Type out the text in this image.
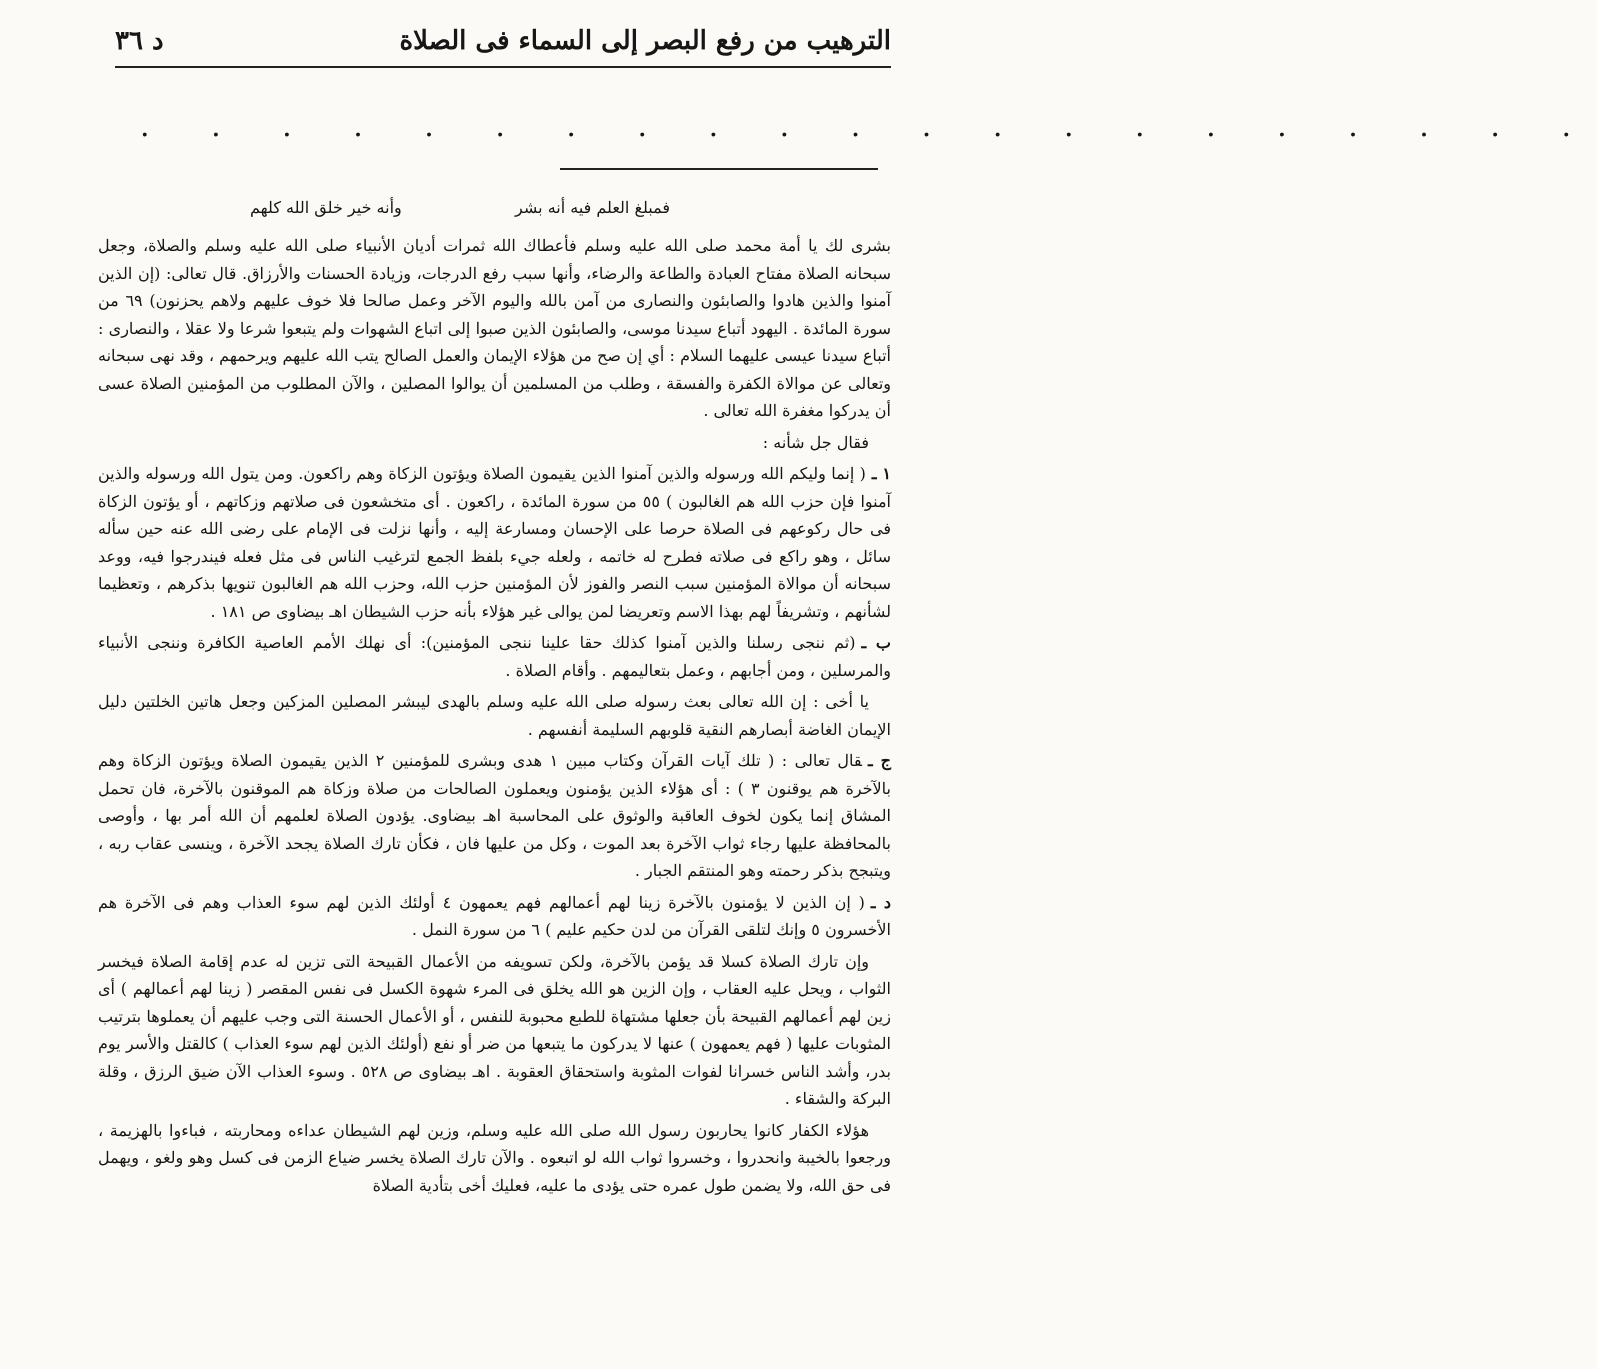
الترهيب من رفع البصر إلى السماء فى الصلاة
د ٣٦
. . . . . . . . . . . . . . . . . . . . .
فمبلغ العلم فيه أنه بشر
وأنه خير خلق الله كلهم

بشرى لك يا أمة محمد صلى الله عليه وسلم فأعطاك الله ثمرات أديان الأنبياء صلى الله عليه وسلم والصلاة، وجعل سبحانه الصلاة مفتاح العبادة والطاعة والرضاء، وأنها سبب رفع الدرجات، وزيادة الحسنات والأرزاق. قال تعالى: (إن الذين آمنوا والذين هادوا والصابئون والنصارى من آمن بالله واليوم الآخر وعمل صالحا فلا خوف عليهم ولاهم يحزنون) ٦٩ من سورة المائدة . اليهود أتباع سيدنا موسى، والصابئون الذين صبوا إلى اتباع الشهوات ولم يتبعوا شرعا ولا عقلا ، والنصارى : أتباع سيدنا عيسى عليهما السلام : أي إن صح من هؤلاء الإيمان والعمل الصالح يتب الله عليهم ويرحمهم ، وقد نهى سبحانه وتعالى عن موالاة الكفرة والفسقة ، وطلب من المسلمين أن يوالوا المصلين ، والآن المطلوب من المؤمنين الصلاة عسى أن يدركوا مغفرة الله تعالى .

فقال جل شأنه :

١ ـ( إنما وليكم الله ورسوله والذين آمنوا الذين يقيمون الصلاة ويؤتون الزكاة وهم راكعون. ومن يتول الله ورسوله والذين آمنوا فإن حزب الله هم الغالبون ) ٥٥ من سورة المائدة ، راكعون . أى متخشعون فى صلاتهم وزكاتهم ، أو يؤتون الزكاة فى حال ركوعهم فى الصلاة حرصا على الإحسان ومسارعة إليه ، وأنها نزلت فى الإمام على رضى الله عنه حين سأله سائل ، وهو راكع فى صلاته فطرح له خاتمه ، ولعله جيء بلفظ الجمع لترغيب الناس فى مثل فعله فيندرجوا فيه، ووعد سبحانه أن موالاة المؤمنين سبب النصر والفوز لأن المؤمنين حزب الله، وحزب الله هم الغالبون تنويها بذكرهم ، وتعظيما لشأنهم ، وتشريفاً لهم بهذا الاسم وتعريضا لمن يوالى غير هؤلاء بأنه حزب الشيطان اهـ بيضاوى ص ١٨١ .

ب ـ(ثم ننجى رسلنا والذين آمنوا كذلك حقا علينا ننجى المؤمنين): أى نهلك الأمم العاصية الكافرة وننجى الأنبياء والمرسلين ، ومن أجابهم ، وعمل بتعاليمهم . وأقام الصلاة .

يا أخى : إن الله تعالى بعث رسوله صلى الله عليه وسلم بالهدى ليبشر المصلين المزكين وجعل هاتين الخلتين دليل الإيمان الغاضة أبصارهم النقية قلوبهم السليمة أنفسهم .

ج ـقال تعالى : ( تلك آيات القرآن وكتاب مبين ١ هدى وبشرى للمؤمنين ٢ الذين يقيمون الصلاة ويؤتون الزكاة وهم بالآخرة هم يوقنون ٣ ) : أى هؤلاء الذين يؤمنون ويعملون الصالحات من صلاة وزكاة هم الموقنون بالآخرة، فان تحمل المشاق إنما يكون لخوف العاقبة والوثوق على المحاسبة اهـ بيضاوى. يؤدون الصلاة لعلمهم أن الله أمر بها ، وأوصى بالمحافظة عليها رجاء ثواب الآخرة بعد الموت ، وكل من عليها فان ، فكأن تارك الصلاة يجحد الآخرة ، وينسى عقاب ربه ، ويتبجح بذكر رحمته وهو المنتقم الجبار .

د ـ( إن الذين لا يؤمنون بالآخرة زينا لهم أعمالهم فهم يعمهون ٤ أولئك الذين لهم سوء العذاب وهم فى الآخرة هم الأخسرون ٥ وإنك لتلقى القرآن من لدن حكيم عليم ) ٦ من سورة النمل .

وإن تارك الصلاة كسلا قد يؤمن بالآخرة، ولكن تسويفه من الأعمال القبيحة التى تزين له عدم إقامة الصلاة فيخسر الثواب ، ويحل عليه العقاب ، وإن الزين هو الله يخلق فى المرء شهوة الكسل فى نفس المقصر ( زينا لهم أعمالهم ) أى زين لهم أعمالهم القبيحة بأن جعلها مشتهاة للطبع محبوبة للنفس ، أو الأعمال الحسنة التى وجب عليهم أن يعملوها بترتيب المثوبات عليها ( فهم يعمهون ) عنها لا يدركون ما يتبعها من ضر أو نفع (أولئك الذين لهم سوء العذاب ) كالقتل والأسر يوم بدر، وأشد الناس خسرانا لفوات المثوبة واستحقاق العقوبة . اهـ بيضاوى ص ٥٢٨ . وسوء العذاب الآن ضيق الرزق ، وقلة البركة والشقاء .

هؤلاء الكفار كانوا يحاربون رسول الله صلى الله عليه وسلم، وزين لهم الشيطان عداءه ومحاربته ، فباءوا بالهزيمة ، ورجعوا بالخيبة وانحدروا ، وخسروا ثواب الله لو اتبعوه . والآن تارك الصلاة يخسر ضياع الزمن فى كسل وهو ولغو ، ويهمل فى حق الله، ولا يضمن طول عمره حتى يؤدى ما عليه، فعليك أخى بتأدية الصلاة
